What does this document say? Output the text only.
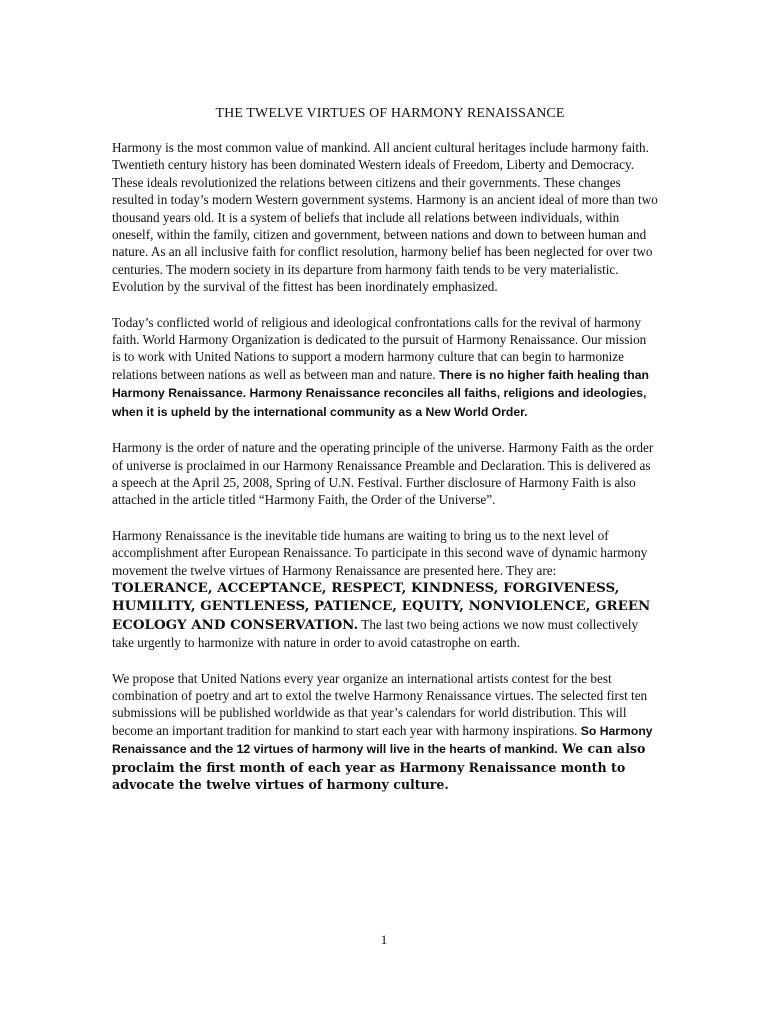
THE TWELVE VIRTUES OF HARMONY RENAISSANCE

Harmony is the most common value of mankind. All ancient cultural heritages include harmony faith. Twentieth century history has been dominated Western ideals of Freedom, Liberty and Democracy. These ideals revolutionized the relations between citizens and their governments. These changes resulted in today’s modern Western government systems. Harmony is an ancient ideal of more than two thousand years old. It is a system of beliefs that include all relations between individuals, within oneself, within the family, citizen and government, between nations and down to between human and nature. As an all inclusive faith for conflict resolution, harmony belief has been neglected for over two centuries. The modern society in its departure from harmony faith tends to be very materialistic. Evolution by the survival of the fittest has been inordinately emphasized.

Today’s conflicted world of religious and ideological confrontations calls for the revival of harmony faith. World Harmony Organization is dedicated to the pursuit of Harmony Renaissance. Our mission is to work with United Nations to support a modern harmony culture that can begin to harmonize relations between nations as well as between man and nature. There is no higher faith healing than Harmony Renaissance. Harmony Renaissance reconciles all faiths, religions and ideologies, when it is upheld by the international community as a New World Order.

Harmony is the order of nature and the operating principle of the universe. Harmony Faith as the order of universe is proclaimed in our Harmony Renaissance Preamble and Declaration. This is delivered as a speech at the April 25, 2008, Spring of U.N. Festival. Further disclosure of Harmony Faith is also attached in the article titled “Harmony Faith, the Order of the Universe”.

Harmony Renaissance is the inevitable tide humans are waiting to bring us to the next level of accomplishment after European Renaissance. To participate in this second wave of dynamic harmony movement the twelve virtues of Harmony Renaissance are presented here. They are: TOLERANCE, ACCEPTANCE, RESPECT, KINDNESS, FORGIVENESS, HUMILITY, GENTLENESS, PATIENCE, EQUITY, NONVIOLENCE, GREEN ECOLOGY AND CONSERVATION. The last two being actions we now must collectively take urgently to harmonize with nature in order to avoid catastrophe on earth.

We propose that United Nations every year organize an international artists contest for the best combination of poetry and art to extol the twelve Harmony Renaissance virtues. The selected first ten submissions will be published worldwide as that year’s calendars for world distribution. This will become an important tradition for mankind to start each year with harmony inspirations. So Harmony Renaissance and the 12 virtues of harmony will live in the hearts of mankind. We can also proclaim the first month of each year as Harmony Renaissance month to advocate the twelve virtues of harmony culture.

1
